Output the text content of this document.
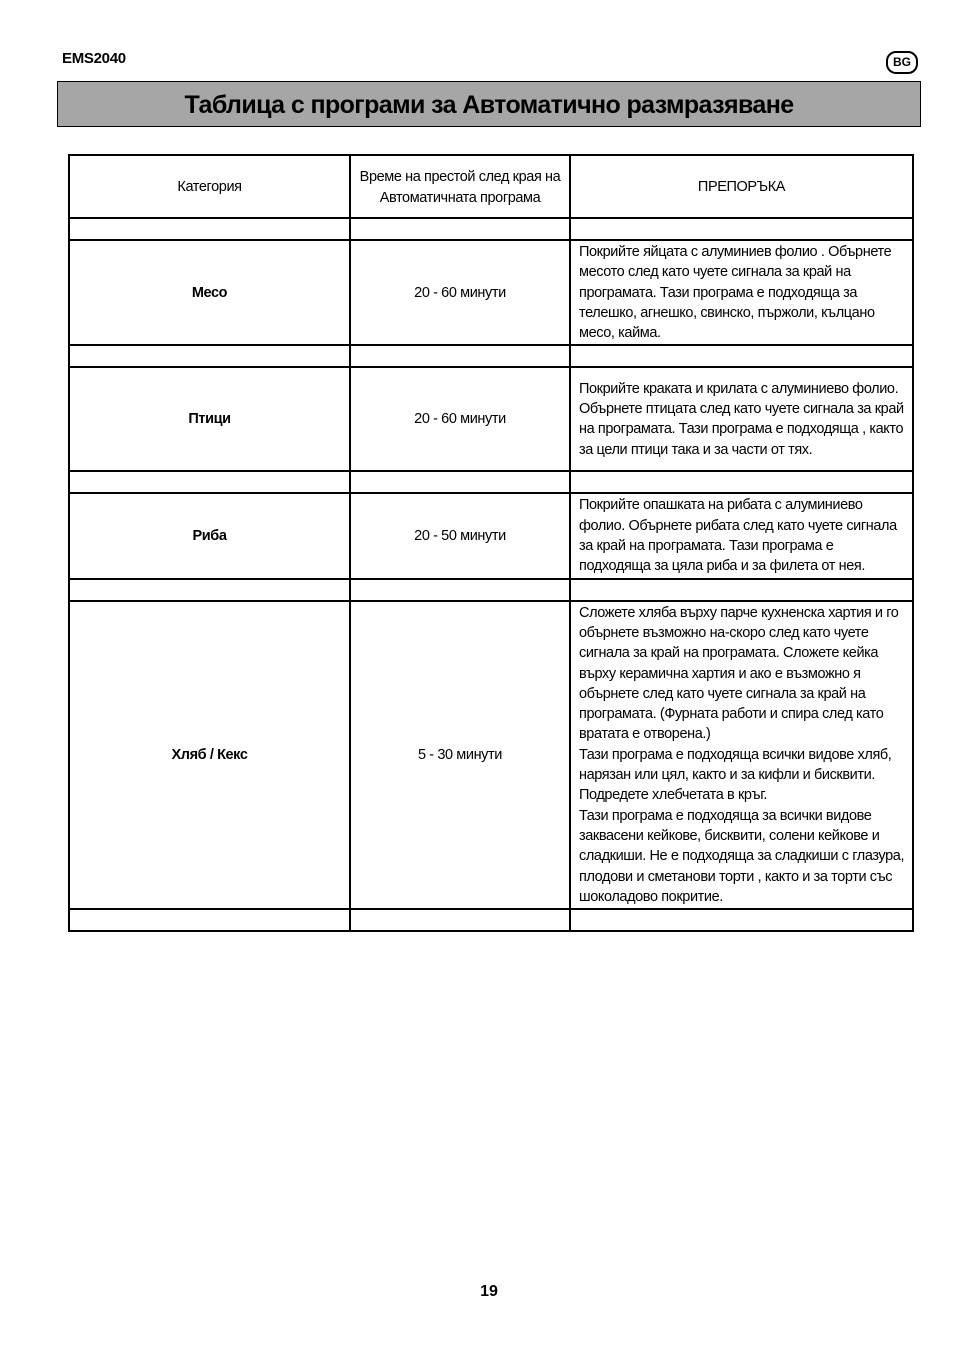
EMS2040	BG
Таблица с програми за Автоматично размразяване
Категория	Време на престой след края на Автоматичната програма	ПРЕПОРЪКА

Месо	20 - 60 минути	Покрийте яйцата с алуминиев фолио . Обърнете месото след като чуете сигнала за край на програмата. Тази програма е подходяща за телешко, агнешко, свинско, пържоли, кълцано месо, кайма.

Птици	20 - 60 минути	Покрийте краката и крилата с алуминиево фолио. Обърнете птицата след като чуете сигнала за край на програмата. Тази програма е подходяща , както за цели птици така и за части от тях.

Риба	20 - 50 минути	Покрийте опашката на рибата с алуминиево фолио. Обърнете рибата след като чуете сигнала за край на програмата. Тази програма е подходяща за цяла риба и за филета от нея.

Хляб / Кекс	5 - 30 минути	Сложете хляба върху парче кухненска хартия и го обърнете възможно на-скоро след като чуете сигнала за край на програмата. Сложете кейка върху керамична хартия и ако е възможно я обърнете след като чуете сигнала за край на програмата. (Фурната работи и спира след като вратата е отворена.)
Тази програма е подходяща всички видове хляб, нарязан или цял, както и за кифли и бисквити. Подредете хлебчетата в кръг.
Тази програма е подходяща за всички видове заквасени кейкове, бисквити, солени кейкове и сладкиши. Не е подходяща за сладкиши с глазура, плодови и сметанови торти , както и за торти със шоколадово покритие.

19
